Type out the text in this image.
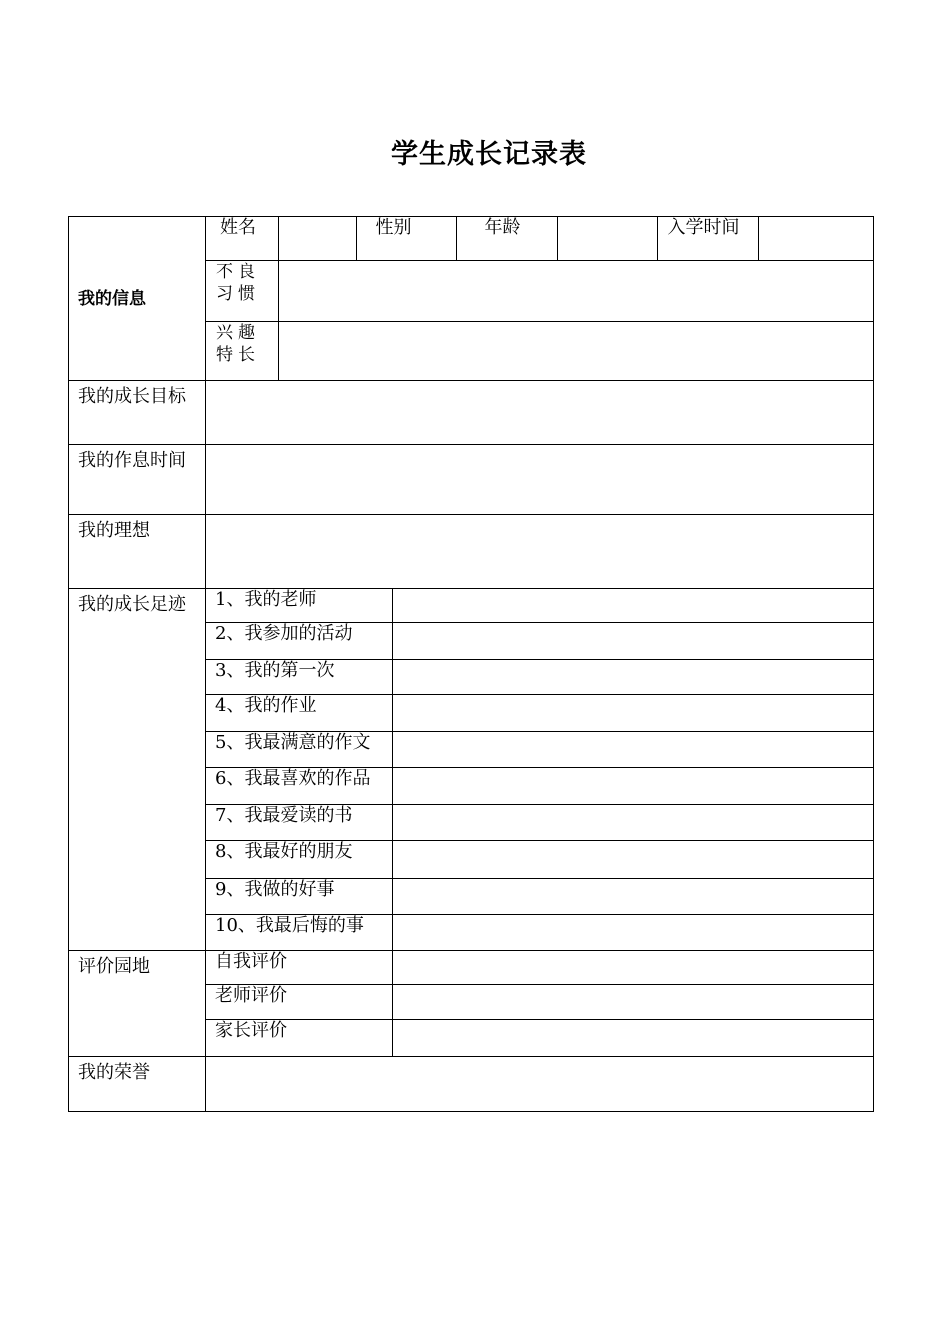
学生成长记录表
我的信息	
姓名		性别	年龄		入学时间	

不良
习惯

兴趣
特长

我的成长目标	
我的作息时间	
我的理想	
我的成长足迹	1、我的老师	
2、我参加的活动	
3、我的第一次	
4、我的作业	
5、我最满意的作文	
6、我最喜欢的作品	
7、我最爱读的书	
8、我最好的朋友	
9、我做的好事	
10、我最后悔的事	

评价园地		自我评价	
老师评价	
家长评价	

我的荣誉	
